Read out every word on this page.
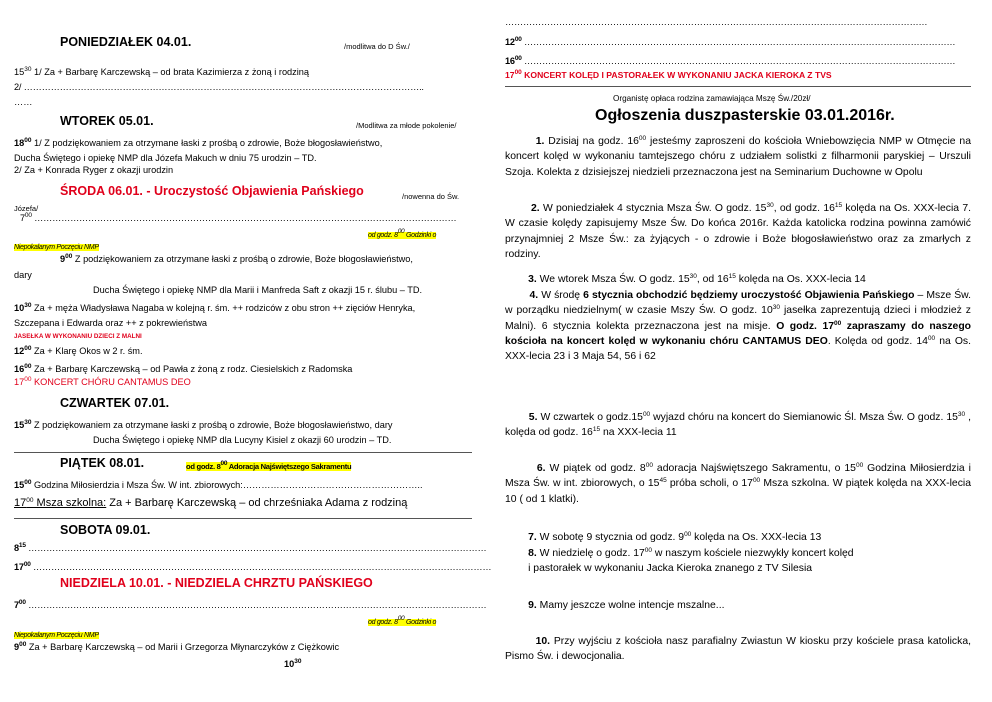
PONIEDZIAŁEK 04.01.	/modlitwa do D Św./
$15^{30}$ 1/ Za + Barbarę Karczewską – od brata Kazimierza z żoną i rodziną
2/ ……………………………………………………………………………………………………………………..
……
WTOREK 05.01.	/Modlitwa za młode pokolenie/
$18^{00}$ 1/ Z podziękowaniem za otrzymane łaski z prośbą o zdrowie, Boże błogosławieństwo,
Ducha Świętego i opiekę NMP dla Józefa Makuch w dniu 75 urodzin – TD.
2/ Za + Konrada Ryger z okazji urodzin
ŚRODA 06.01. - Uroczystość Objawienia Pańskiego	/nowenna do Św.
Józefa/
$7^{00}$ ……………………………………………………………………………………………………………………………
od godz. $8^{00}$ Godzinki o
Niepokalanym Poczęciu NMP
$9^{00}$ Z podziękowaniem za otrzymane łaski z prośbą o zdrowie, Boże błogosławieństwo,
dary
Ducha Świętego i opiekę NMP dla Marii i Manfreda Saft z okazji 15 r. ślubu – TD.
$10^{30}$ Za + męża Władysława Nagaba w kolejną r. śm. ++ rodziców z obu stron ++ zięciów Henryka,
Szczepana i Edwarda oraz ++ z pokrewieństwa
JASEŁKA W WYKONANIU DZIECI Z MALNI
$12^{00}$ Za + Klarę Okos w 2 r. śm.
$16^{00}$ Za + Barbarę Karczewską – od Pawła z żoną z rodz. Ciesielskich z Radomska
$17^{00}$ KONCERT CHÓRU CANTAMUS DEO
CZWARTEK 07.01.
$15^{30}$ Z podziękowaniem za otrzymane łaski z prośbą o zdrowie, Boże błogosławieństwo, dary
Ducha Świętego i opiekę NMP dla Lucyny Kisiel z okazji 60 urodzin – TD.
PIĄTEK 08.01.	od godz. $8^{00}$ Adoracja Najświętszego Sakramentu
$15^{00}$ Godzina Miłosierdzia i Msza Św. W int. zbiorowych:…………………………………………………..
$17^{00}$ Msza szkolna: Za + Barbarę Karczewską – od chrześniaka Adama z rodziną
SOBOTA 09.01.
$8^{15}$ ………………………………………………………………………………………………………………………………………
$17^{00}$ ………………………………………………………………………………………………………………………………………
NIEDZIELA 10.01. - NIEDZIELA CHRZTU PAŃSKIEGO
$7^{00}$ ………………………………………………………………………………………………………………………………………
od godz. $8^{00}$ Godzinki o
Niepokalanym Poczęciu NMP
$9^{00}$ Za + Barbarę Karczewską – od Marii i Grzegorza Młynarczyków z Ciężkowic
$10^{30}$
……………………………………………………………………………………………………………………………
$12^{00}$ ………………………………………………………………………………………………………………………………
$16^{00}$ ………………………………………………………………………………………………………………………………
$17^{00}$ KONCERT KOLĘD I PASTORAŁEK W WYKONANIU JACKA KIEROKA Z TVS
Organistę opłaca rodzina zamawiająca Mszę Św./20zł/
Ogłoszenia duszpasterskie 03.01.2016r.
1. Dzisiaj na godz. $16^{00}$ jesteśmy zaproszeni do kościoła Wniebowzięcia NMP w Otmęcie na koncert kolęd w wykonaniu tamtejszego chóru z udziałem solistki z filharmonii paryskiej – Urszuli Szoja. Kolekta z dzisiejszej niedzieli przeznaczona jest na Seminarium Duchowne w Opolu
2. W poniedziałek 4 stycznia Msza Św. O godz. $15^{30}$, od godz. $16^{15}$ kolęda na Os. XXX-lecia 7. W czasie kolędy zapisujemy Msze Św. Do końca 2016r. Każda katolicka rodzina powinna zamówić przynajmniej 2 Msze Św.: za żyjących - o zdrowie i Boże błogosławieństwo oraz za zmarłych z rodziny.
3. We wtorek Msza Św. O godz. $15^{30}$, od $16^{15}$ kolęda na Os. XXX-lecia 14
4. W środę 6 stycznia obchodzić będziemy uroczystość Objawienia Pańskiego – Msze Św. w porządku niedzielnym( w czasie Mszy Św. O godz. $10^{30}$ jasełka zaprezentują dzieci i młodzież z Malni). 6 stycznia kolekta przeznaczona jest na misje. O godz. $17^{00}$ zapraszamy do naszego kościoła na koncert kolęd w wykonaniu chóru CANTAMUS DEO. Kolęda od godz. $14^{00}$ na Os. XXX-lecia 23 i 3 Maja 54, 56 i 62
5. W czwartek o $godz.15^{00}$ wyjazd chóru na koncert do Siemianowic Śl. Msza Św. O godz. $15^{30}$ , kolęda od godz. $16^{15}$ na XXX-lecia 11
6. W piątek od godz. $8^{00}$ adoracja Najświętszego Sakramentu, o $15^{00}$ Godzina Miłosierdzia i Msza Św. w int. zbiorowych, o $15^{45}$ próba scholi, o $17^{00}$ Msza szkolna. W piątek kolęda na XXX-lecia 10 ( od 1 klatki).
7. W sobotę 9 stycznia od godz. $9^{00}$ kolęda na Os. XXX-lecia 13
8. W niedzielę o godz. $17^{00}$ w naszym kościele niezwykły koncert kolęd
i pastorałek w wykonaniu Jacka Kieroka znanego z TV Silesia
9. Mamy jeszcze wolne intencje mszalne...
10. Przy wyjściu z kościoła nasz parafialny Zwiastun W kiosku przy kościele prasa katolicka, Pismo Św. i dewocjonalia.
